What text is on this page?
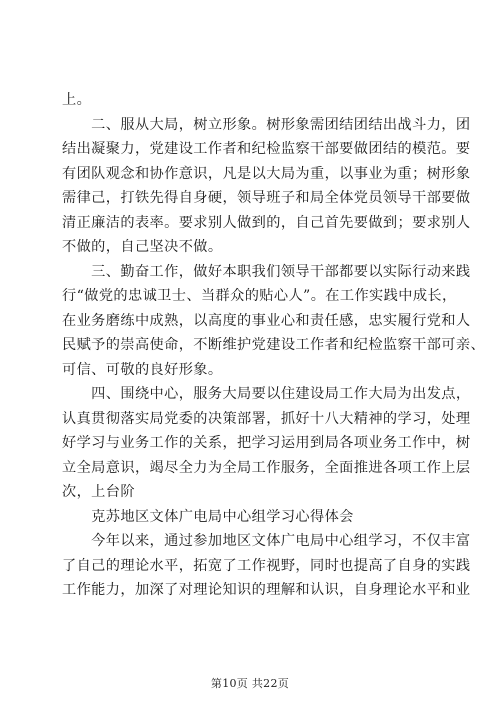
上。

　　二、服从大局，树立形象。树形象需团结团结出战斗力，团

结出凝聚力，党建设工作者和纪检监察干部要做团结的模范。要

有团队观念和协作意识，凡是以大局为重，以事业为重；树形象

需律己，打铁先得自身硬，领导班子和局全体党员领导干部要做

清正廉洁的表率。要求别人做到的，自己首先要做到；要求别人

不做的，自己坚决不做。

　　三、勤奋工作，做好本职我们领导干部都要以实际行动来践

行“做党的忠诚卫士、当群众的贴心人”。在工作实践中成长，

在业务磨练中成熟，以高度的事业心和责任感，忠实履行党和人

民赋予的崇高使命，不断维护党建设工作者和纪检监察干部可亲、

可信、可敬的良好形象。

　　四、围绕中心，服务大局要以住建设局工作大局为出发点，

认真贯彻落实局党委的决策部署，抓好十八大精神的学习，处理

好学习与业务工作的关系，把学习运用到局各项业务工作中，树

立全局意识，竭尽全力为全局工作服务，全面推进各项工作上层

次，上台阶

　　克苏地区文体广电局中心组学习心得体会

　　今年以来，通过参加地区文体广电局中心组学习，不仅丰富

了自己的理论水平，拓宽了工作视野，同时也提高了自身的实践

工作能力，加深了对理论知识的理解和认识，自身理论水平和业

第10页 共22页
